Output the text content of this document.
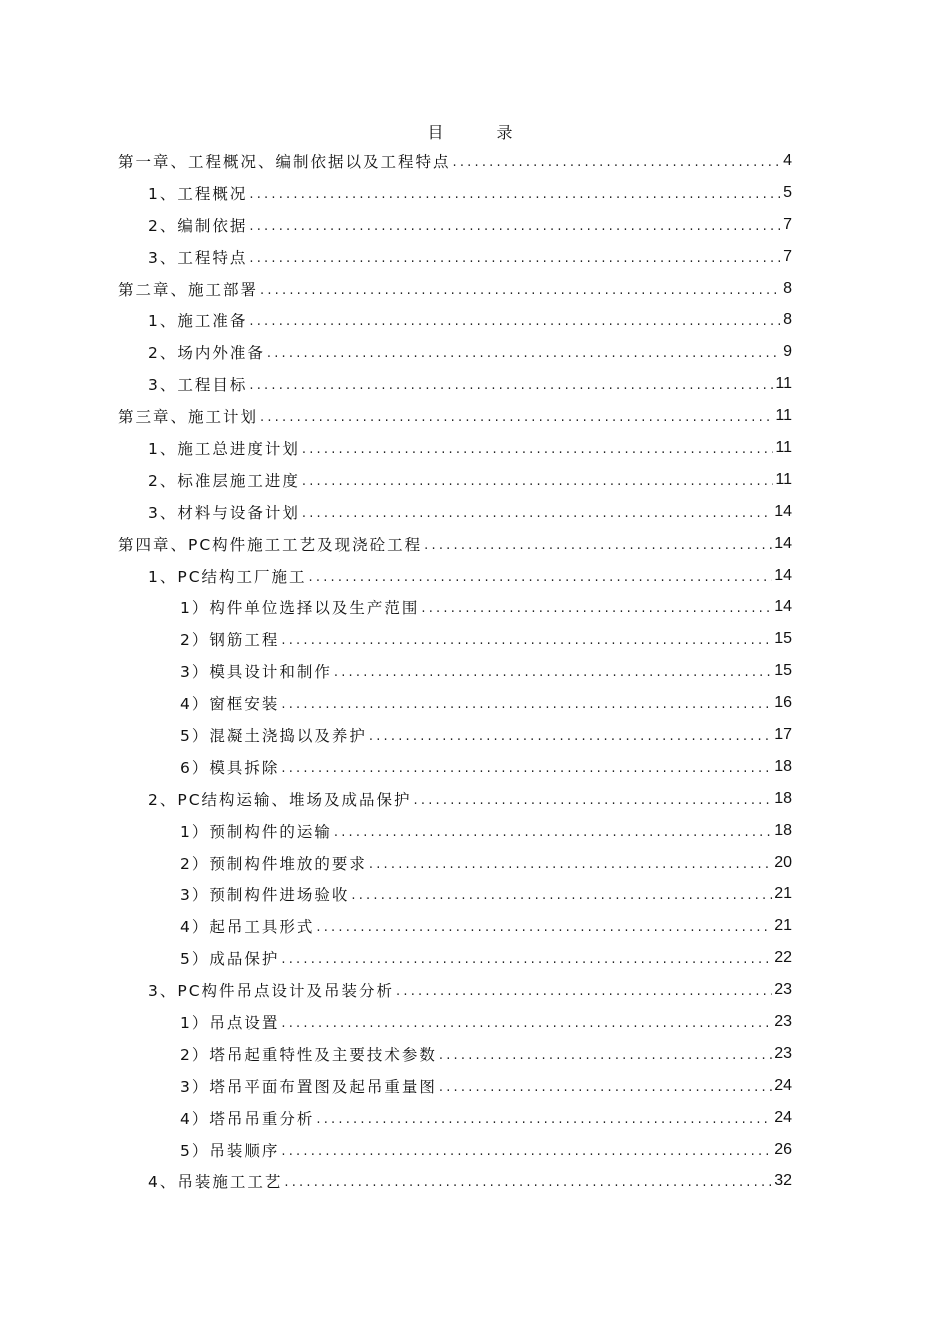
目 录
第一章、工程概况、编制依据以及工程特点 .....	4
1、工程概况 .....	5
2、编制依据 .....	7
3、工程特点 .....	7
第二章、施工部署 .....	8
1、施工准备 .....	8
2、场内外准备 .....	9
3、工程目标 .....	11
第三章、施工计划 .....	11
1、施工总进度计划 .....	11
2、标准层施工进度 .....	11
3、材料与设备计划 .....	14
第四章、PC构件施工工艺及现浇砼工程 .....	14
1、PC结构工厂施工 .....	14
1）构件单位选择以及生产范围 .....	14
2）钢筋工程 .....	15
3）模具设计和制作 .....	15
4）窗框安装 .....	16
5）混凝土浇捣以及养护 .....	17
6）模具拆除 .....	18
2、PC结构运输、堆场及成品保护 .....	18
1）预制构件的运输 .....	18
2）预制构件堆放的要求 .....	20
3）预制构件进场验收 .....	21
4）起吊工具形式 .....	21
5）成品保护 .....	22
3、PC构件吊点设计及吊装分析 .....	23
1）吊点设置 .....	23
2）塔吊起重特性及主要技术参数 .....	23
3）塔吊平面布置图及起吊重量图 .....	24
4）塔吊吊重分析 .....	24
5）吊装顺序 .....	26
4、吊装施工工艺 .....	32
